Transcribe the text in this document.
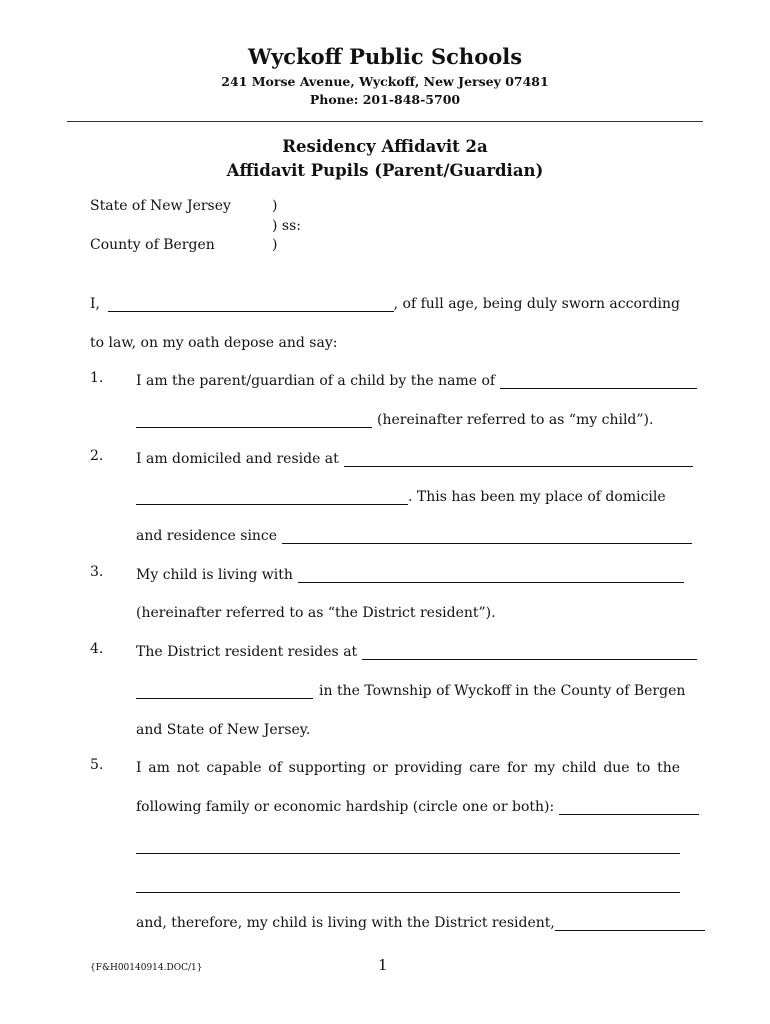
Wyckoff Public Schools
241 Morse Avenue, Wyckoff, New Jersey 07481
Phone: 201-848-5700
Residency Affidavit 2a
Affidavit Pupils (Parent/Guardian)
State of New Jersey	)
) ss:
County of Bergen	)
I,	, of full age, being duly sworn according
to law, on my oath depose and say:
1. I am the parent/guardian of a child by the name of
(hereinafter referred to as “my child”).
2. I am domiciled and reside at
. This has been my place of domicile
and residence since
3. My child is living with
(hereinafter referred to as “the District resident”).
4. The District resident resides at
in the Township of Wyckoff in the County of Bergen
and State of New Jersey.
5. I am not capable of supporting or providing care for my child due to the
following family or economic hardship (circle one or both):
and, therefore, my child is living with the District resident,
{F&H00140914.DOC/1}	1
